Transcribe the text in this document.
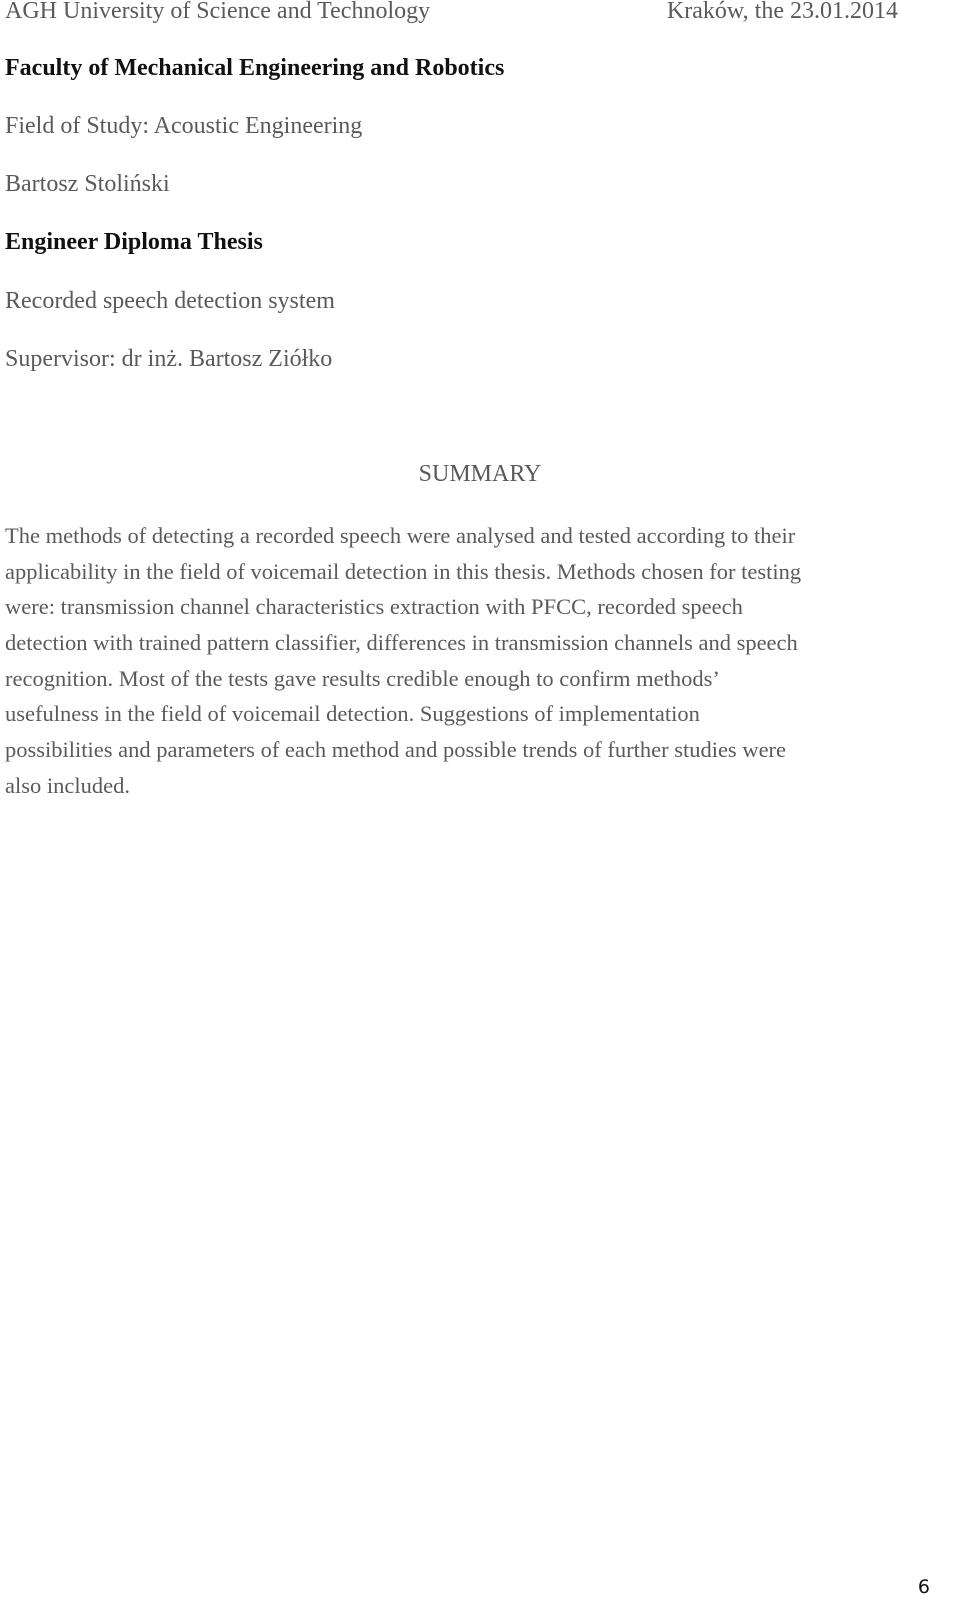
AGH University of Science and Technology	Kraków, the 23.01.2014
Faculty of Mechanical Engineering and Robotics
Field of Study: Acoustic Engineering
Bartosz Stoliński
Engineer Diploma Thesis
Recorded speech detection system
Supervisor: dr inż. Bartosz Ziółko
SUMMARY

The methods of detecting a recorded speech were analysed and tested according to their
applicability in the field of voicemail detection in this thesis. Methods chosen for testing
were: transmission channel characteristics extraction with PFCC, recorded speech
detection with trained pattern classifier, differences in transmission channels and speech
recognition. Most of the tests gave results credible enough to confirm methods’
usefulness in the field of voicemail detection. Suggestions of implementation
possibilities and parameters of each method and possible trends of further studies were
also included.

6
